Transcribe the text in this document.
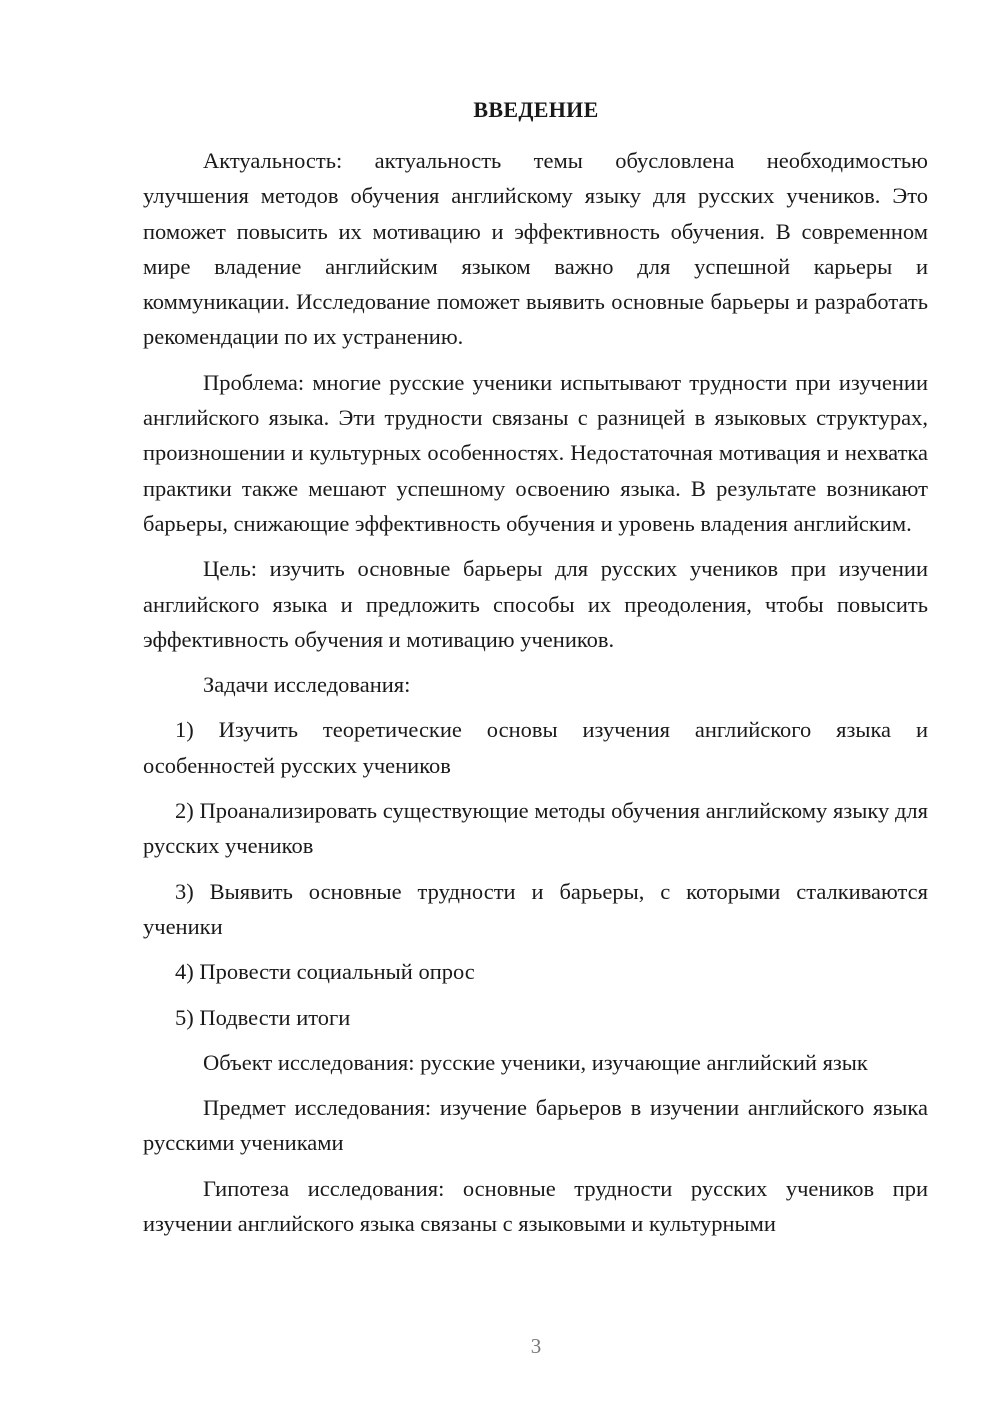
ВВЕДЕНИЕ

Актуальность: актуальность темы обусловлена необходимостью улучшения методов обучения английскому языку для русских учеников. Это поможет повысить их мотивацию и эффективность обучения. В современном мире владение английским языком важно для успешной карьеры и коммуникации. Исследование поможет выявить основные барьеры и разработать рекомендации по их устранению.

Проблема: многие русские ученики испытывают трудности при изучении английского языка. Эти трудности связаны с разницей в языковых структурах, произношении и культурных особенностях. Недостаточная мотивация и нехватка практики также мешают успешному освоению языка. В результате возникают барьеры, снижающие эффективность обучения и уровень владения английским.

Цель: изучить основные барьеры для русских учеников при изучении английского языка и предложить способы их преодоления, чтобы повысить эффективность обучения и мотивацию учеников.

Задачи исследования:

1) Изучить теоретические основы изучения английского языка и особенностей русских учеников

2) Проанализировать существующие методы обучения английскому языку для русских учеников

3) Выявить основные трудности и барьеры, с которыми сталкиваются ученики

4) Провести социальный опрос

5) Подвести итоги

Объект исследования: русские ученики, изучающие английский язык

Предмет исследования: изучение барьеров в изучении английского языка русскими учениками

Гипотеза исследования: основные трудности русских учеников при изучении английского языка связаны с языковыми и культурными

3
